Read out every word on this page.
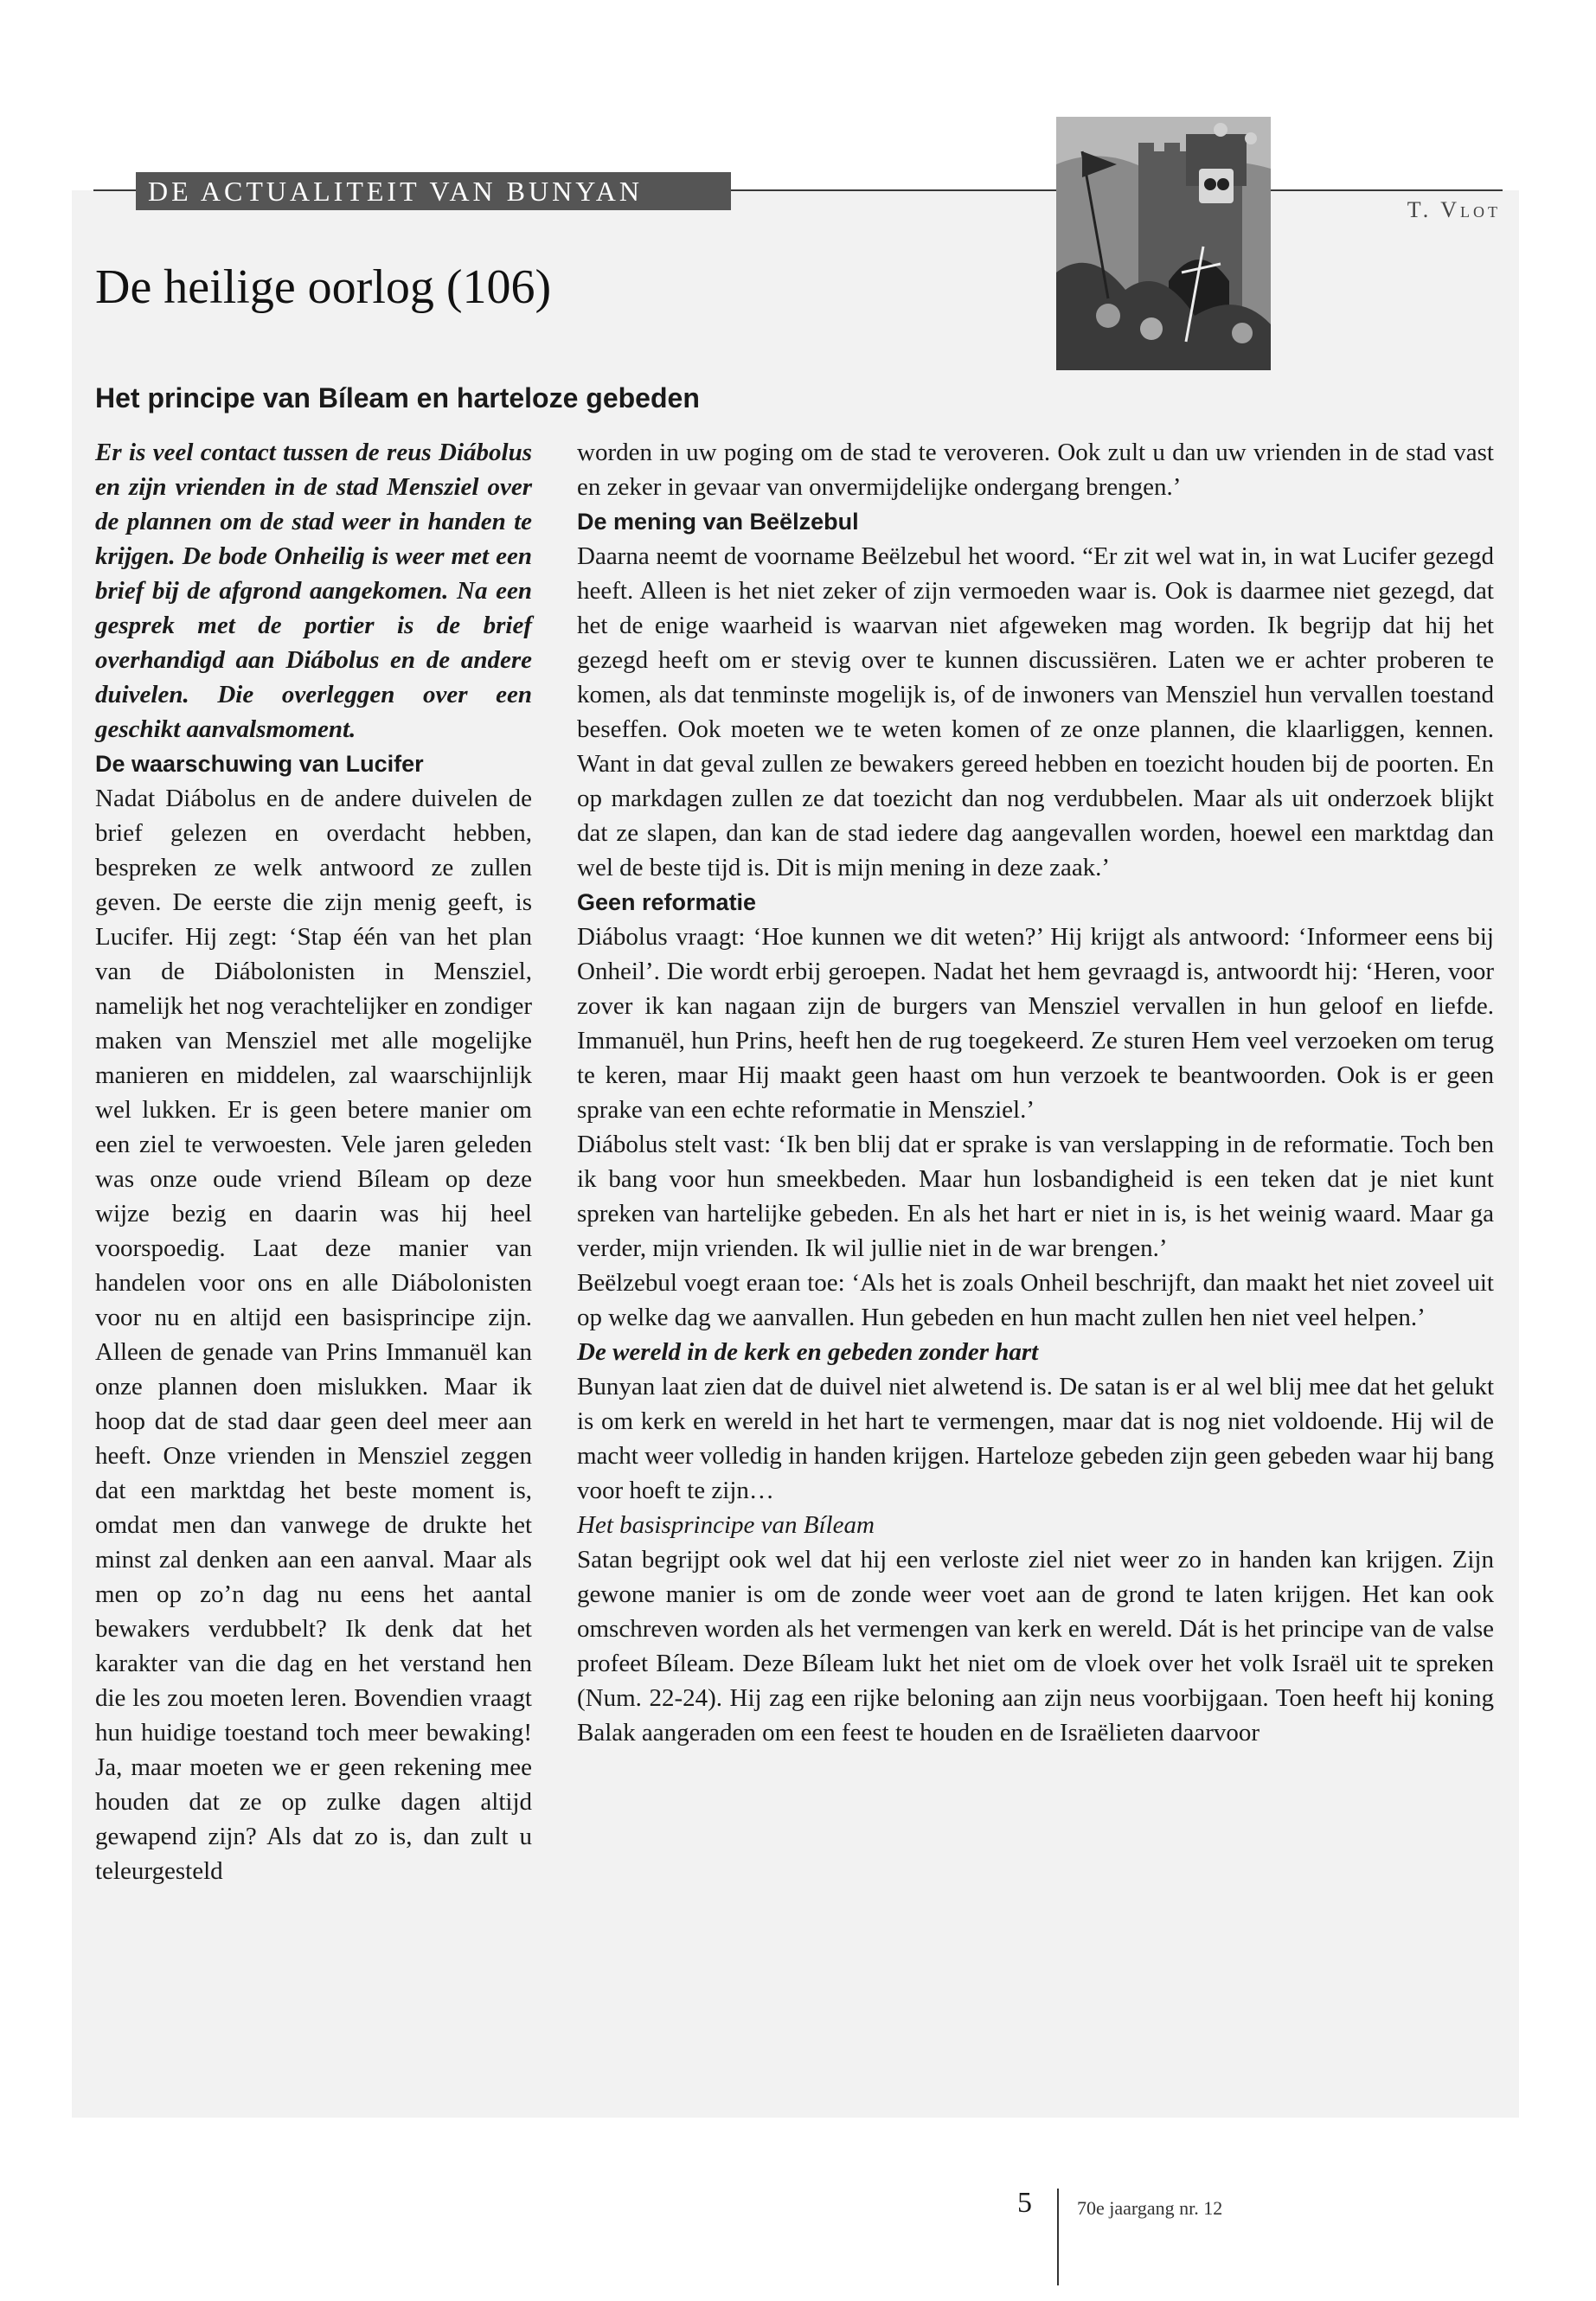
DE ACTUALITEIT VAN BUNYAN
T. Vlot
De heilige oorlog (106)
Het principe van Bíleam en harteloze gebeden

Er is veel contact tussen de reus Diábolus en zijn vrienden in de stad Mensziel over de plannen om de stad weer in handen te krijgen. De bode Onheilig is weer met een brief bij de afgrond aangekomen. Na een gesprek met de portier is de brief overhandigd aan Diábolus en de andere duivelen. Die overleggen over een geschikt aanvalsmoment.

De waarschuwing van Lucifer

Nadat Diábolus en de andere duivelen de brief gelezen en overdacht hebben, bespreken ze welk antwoord ze zullen geven. De eerste die zijn menig geeft, is Lucifer. Hij zegt: ‘Stap één van het plan van de Diábolonisten in Mensziel, namelijk het nog verachtelijker en zondiger maken van Mensziel met alle mogelijke manieren en middelen, zal waarschijnlijk wel lukken. Er is geen betere manier om een ziel te verwoesten. Vele jaren geleden was onze oude vriend Bíleam op deze wijze bezig en daarin was hij heel voorspoedig. Laat deze manier van handelen voor ons en alle Diábolonisten voor nu en altijd een basisprincipe zijn. Alleen de genade van Prins Immanuël kan onze plannen doen mislukken. Maar ik hoop dat de stad daar geen deel meer aan heeft. Onze vrienden in Mensziel zeggen dat een marktdag het beste moment is, omdat men dan vanwege de drukte het minst zal denken aan een aanval. Maar als men op zo’n dag nu eens het aantal bewakers verdubbelt? Ik denk dat het karakter van die dag en het verstand hen die les zou moeten leren. Bovendien vraagt hun huidige toestand toch meer bewaking! Ja, maar moeten we er geen rekening mee houden dat ze op zulke dagen altijd gewapend zijn? Als dat zo is, dan zult u teleurgesteld

worden in uw poging om de stad te veroveren. Ook zult u dan uw vrienden in de stad vast en zeker in gevaar van onvermijdelijke ondergang brengen.’

De mening van Beëlzebul

Daarna neemt de voorname Beëlzebul het woord. “Er zit wel wat in, in wat Lucifer gezegd heeft. Alleen is het niet zeker of zijn vermoeden waar is. Ook is daarmee niet gezegd, dat het de enige waarheid is waarvan niet afgeweken mag worden. Ik begrijp dat hij het gezegd heeft om er stevig over te kunnen discussiëren. Laten we er achter proberen te komen, als dat tenminste mogelijk is, of de inwoners van Mensziel hun vervallen toestand beseffen. Ook moeten we te weten komen of ze onze plannen, die klaarliggen, kennen. Want in dat geval zullen ze bewakers gereed hebben en toezicht houden bij de poorten. En op markdagen zullen ze dat toezicht dan nog verdubbelen. Maar als uit onderzoek blijkt dat ze slapen, dan kan de stad iedere dag aangevallen worden, hoewel een marktdag dan wel de beste tijd is. Dit is mijn mening in deze zaak.’

Geen reformatie

Diábolus vraagt: ‘Hoe kunnen we dit weten?’ Hij krijgt als antwoord: ‘Informeer eens bij Onheil’. Die wordt erbij geroepen. Nadat het hem gevraagd is, antwoordt hij: ‘Heren, voor zover ik kan nagaan zijn de burgers van Mensziel vervallen in hun geloof en liefde. Immanuël, hun Prins, heeft hen de rug toegekeerd. Ze sturen Hem veel verzoeken om terug te keren, maar Hij maakt geen haast om hun verzoek te beantwoorden. Ook is er geen sprake van een echte reformatie in Mensziel.’

Diábolus stelt vast: ‘Ik ben blij dat er sprake is van verslapping in de reformatie. Toch ben ik bang voor hun smeekbeden. Maar hun losbandigheid is een teken dat je niet kunt spreken van hartelijke gebeden. En als het hart er niet in is, is het weinig waard. Maar ga verder, mijn vrienden. Ik wil jullie niet in de war brengen.’

Beëlzebul voegt eraan toe: ‘Als het is zoals Onheil beschrijft, dan maakt het niet zoveel uit op welke dag we aanvallen. Hun gebeden en hun macht zullen hen niet veel helpen.’

De wereld in de kerk en gebeden zonder hart

Bunyan laat zien dat de duivel niet alwetend is. De satan is er al wel blij mee dat het gelukt is om kerk en wereld in het hart te vermengen, maar dat is nog niet voldoende. Hij wil de macht weer volledig in handen krijgen. Harteloze gebeden zijn geen gebeden waar hij bang voor hoeft te zijn…

Het basisprincipe van Bíleam

Satan begrijpt ook wel dat hij een verloste ziel niet weer zo in handen kan krijgen. Zijn gewone manier is om de zonde weer voet aan de grond te laten krijgen. Het kan ook omschreven worden als het vermengen van kerk en wereld. Dát is het principe van de valse profeet Bíleam. Deze Bíleam lukt het niet om de vloek over het volk Israël uit te spreken (Num. 22-24). Hij zag een rijke beloning aan zijn neus voorbijgaan. Toen heeft hij koning Balak aangeraden om een feest te houden en de Israëlieten daarvoor

5 70e jaargang nr. 12
